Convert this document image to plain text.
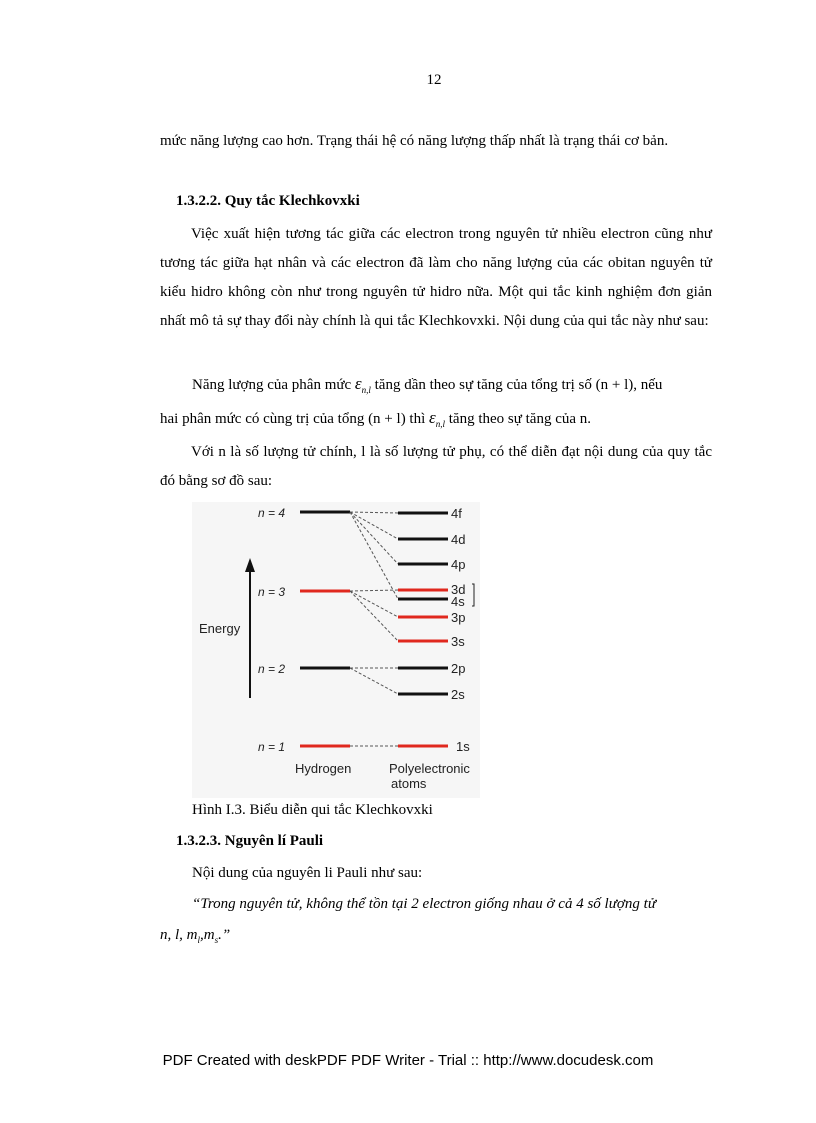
12
mức năng lượng cao hơn. Trạng thái hệ có năng lượng thấp nhất là trạng thái cơ bản.
1.3.2.2. Quy tắc Klechkovxki
Việc xuất hiện tương tác giữa các electron trong nguyên tử nhiều electron cũng như tương tác giữa hạt nhân và các electron đã làm cho năng lượng của các obitan nguyên tử kiểu hidro không còn như trong nguyên tử hidro nữa. Một qui tắc kinh nghiệm đơn giản nhất mô tả sự thay đổi này chính là qui tắc Klechkovxki. Nội dung của qui tắc này như sau:
Năng lượng của phân mức $\varepsilon_{n,l}$ tăng dần theo sự tăng của tổng trị số (n + l), nếu
hai phân mức có cùng trị của tổng (n + l) thì $\varepsilon_{n,l}$ tăng theo sự tăng của n.
Với n là số lượng tử chính, l là số lượng tử phụ, có thể diễn đạt nội dung của quy tắc đó bằng sơ đồ sau:
Energy
n = 4
n = 3
n = 2
n = 1
4f
4d
4p
3d
4s
3p
3s
2p
2s
1s
Hydrogen	Polyelectronic
atoms
Hình I.3. Biểu diễn qui tắc Klechkovxki
1.3.2.3. Nguyên lí Pauli
Nội dung của nguyên li Pauli như sau:
“Trong nguyên tử, không thể tồn tại 2 electron giống nhau ở cả 4 số lượng tử
n, l, $m_l,m_s$.”
PDF Created with deskPDF PDF Writer - Trial :: http://www.docudesk.com
